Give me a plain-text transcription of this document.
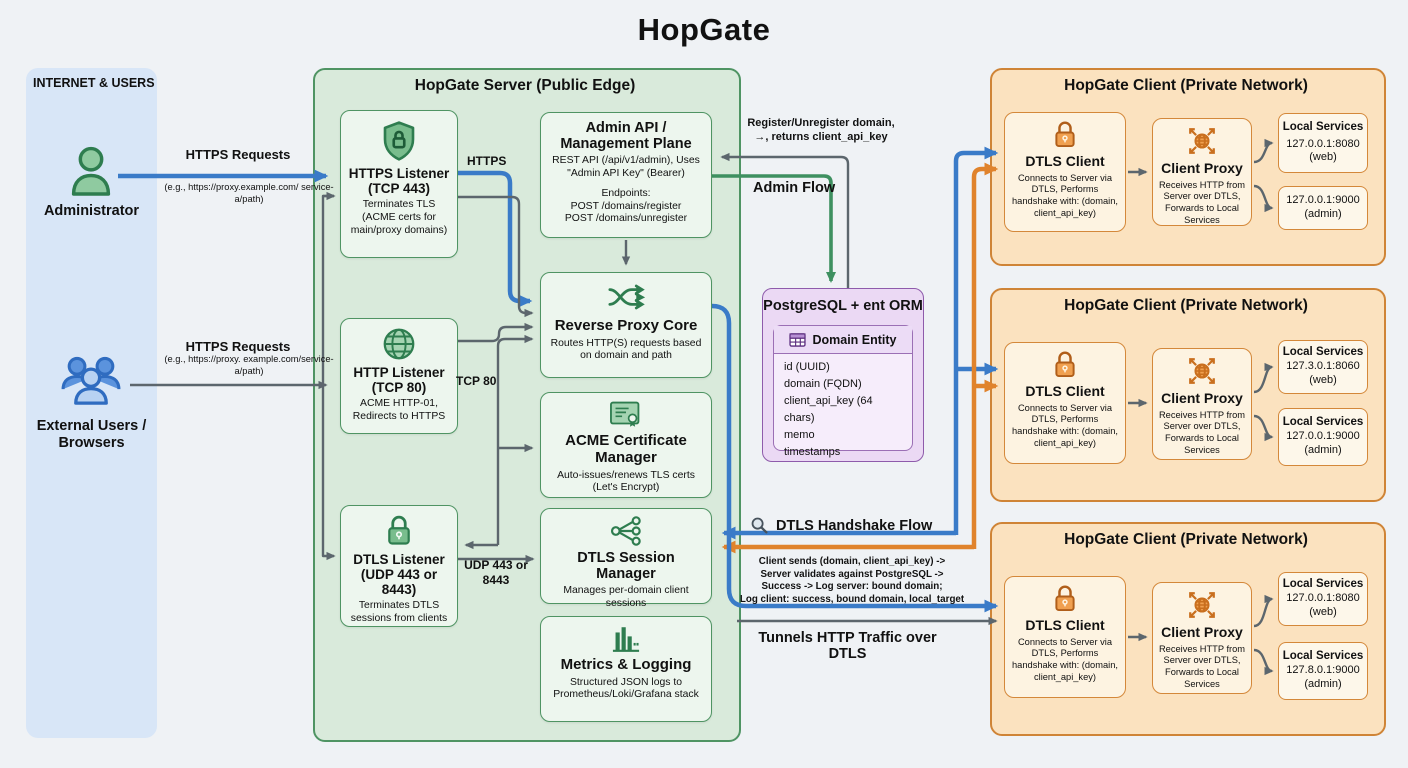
HopGate
INTERNET & USERS
Administrator
External Users / Browsers
HTTPS Requests
(e.g., https://proxy.example.com/ service-a/path)
HTTPS Requests
(e.g., https://proxy. example.com/service-a/path)
HopGate Server (Public Edge)
HTTPS Listener (TCP 443)
Terminates TLS (ACME certs for main/proxy domains)
HTTP Listener (TCP 80)
ACME HTTP-01, Redirects to HTTPS
DTLS Listener (UDP 443 or 8443)
Terminates DTLS sessions from clients
HTTPS
TCP 80
UDP 443 or 8443
Admin API / Management Plane
REST API (/api/v1/admin), Uses "Admin API Key" (Bearer)
Endpoints:
POST /domains/register
POST /domains/unregister
Reverse Proxy Core
Routes HTTP(S) requests based on domain and path
ACME Certificate Manager
Auto-issues/renews TLS certs (Let's Encrypt)
DTLS Session Manager
Manages per-domain client sessions
Metrics & Logging
Structured JSON logs to Prometheus/Loki/Grafana stack
PostgreSQL + ent ORM
Domain Entity
id (UUID)
domain (FQDN)
client_api_key (64 chars)
memo
timestamps
Register/Unregister domain,
→, returns client_api_key
Admin Flow
DTLS Handshake Flow
Client sends (domain, client_api_key) ->
Server validates against PostgreSQL ->
Success -> Log server: bound domain;
Log client: success, bound domain, local_target
Tunnels HTTP Traffic over DTLS
HopGate Client (Private Network)
DTLS Client
Connects to Server via DTLS, Performs handshake with: (domain, client_api_key)
Client Proxy
Receives HTTP from Server over DTLS, Forwards to Local Services
Local Services
127.0.0.1:8080
(web)
127.0.0.1:9000
(admin)
HopGate Client (Private Network)
DTLS Client
Connects to Server via DTLS, Performs handshake with: (domain, client_api_key)
Client Proxy
Receives HTTP from Server over DTLS, Forwards to Local Services
Local Services
127.3.0.1:8060
(web)
Local Services
127.0.0.1:9000
(admin)
HopGate Client (Private Network)
DTLS Client
Connects to Server via DTLS, Performs handshake with: (domain, client_api_key)
Client Proxy
Receives HTTP from Server over DTLS, Forwards to Local Services
Local Services
127.0.0.1:8080
(web)
Local Services
127.8.0.1:9000
(admin)
